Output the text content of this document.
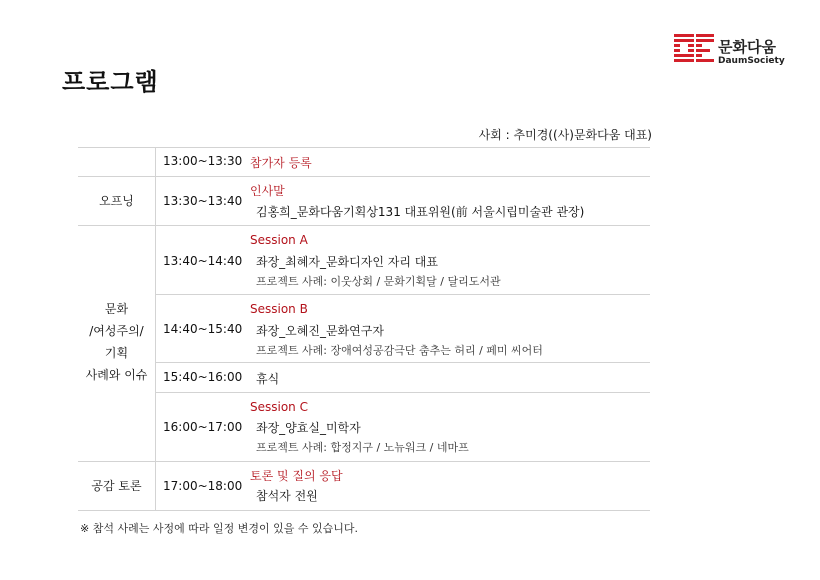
프로그램
문화다움
DaumSociety
사회 : 추미경((사)문화다움 대표)
오프닝
문화
/여성주의/
기획
사례와 이슈
공감 토론
13:00~13:30 참가자 등록
13:30~13:40
인사말
김홍희_문화다움기획상131 대표위원(前 서울시립미술관 관장)
13:40~14:40
Session A
좌장_최혜자_문화디자인 자리 대표
프로젝트 사례: 이웃상회 / 문화기획달 / 달리도서관
14:40~15:40
Session B
좌장_오혜진_문화연구자
프로젝트 사례: 장애여성공감극단 춤추는 허리 / 페미 씨어터
15:40~16:00 휴식
16:00~17:00
Session C
좌장_양효실_미학자
프로젝트 사례: 합정지구 / 노뉴워크 / 네마프
17:00~18:00
토론 및 질의 응답
참석자 전원
※ 참석 사례는 사정에 따라 일정 변경이 있을 수 있습니다.
